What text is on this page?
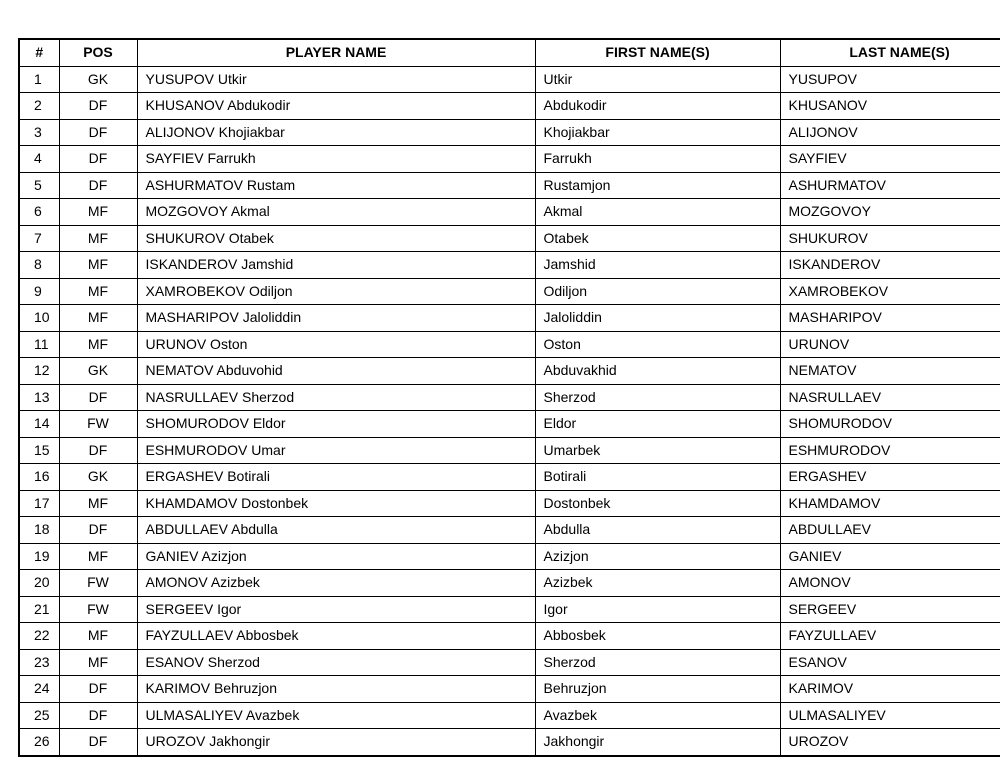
#	POS	PLAYER NAME	FIRST NAME(S)	LAST NAME(S)
1	GK	YUSUPOV Utkir	Utkir	YUSUPOV
2	DF	KHUSANOV Abdukodir	Abdukodir	KHUSANOV
3	DF	ALIJONOV Khojiakbar	Khojiakbar	ALIJONOV
4	DF	SAYFIEV Farrukh	Farrukh	SAYFIEV
5	DF	ASHURMATOV Rustam	Rustamjon	ASHURMATOV
6	MF	MOZGOVOY Akmal	Akmal	MOZGOVOY
7	MF	SHUKUROV Otabek	Otabek	SHUKUROV
8	MF	ISKANDEROV Jamshid	Jamshid	ISKANDEROV
9	MF	XAMROBEKOV Odiljon	Odiljon	XAMROBEKOV
10	MF	MASHARIPOV Jaloliddin	Jaloliddin	MASHARIPOV
11	MF	URUNOV Oston	Oston	URUNOV
12	GK	NEMATOV Abduvohid	Abduvakhid	NEMATOV
13	DF	NASRULLAEV Sherzod	Sherzod	NASRULLAEV
14	FW	SHOMURODOV Eldor	Eldor	SHOMURODOV
15	DF	ESHMURODOV Umar	Umarbek	ESHMURODOV
16	GK	ERGASHEV Botirali	Botirali	ERGASHEV
17	MF	KHAMDAMOV Dostonbek	Dostonbek	KHAMDAMOV
18	DF	ABDULLAEV Abdulla	Abdulla	ABDULLAEV
19	MF	GANIEV Azizjon	Azizjon	GANIEV
20	FW	AMONOV Azizbek	Azizbek	AMONOV
21	FW	SERGEEV Igor	Igor	SERGEEV
22	MF	FAYZULLAEV Abbosbek	Abbosbek	FAYZULLAEV
23	MF	ESANOV Sherzod	Sherzod	ESANOV
24	DF	KARIMOV Behruzjon	Behruzjon	KARIMOV
25	DF	ULMASALIYEV Avazbek	Avazbek	ULMASALIYEV
26	DF	UROZOV Jakhongir	Jakhongir	UROZOV
